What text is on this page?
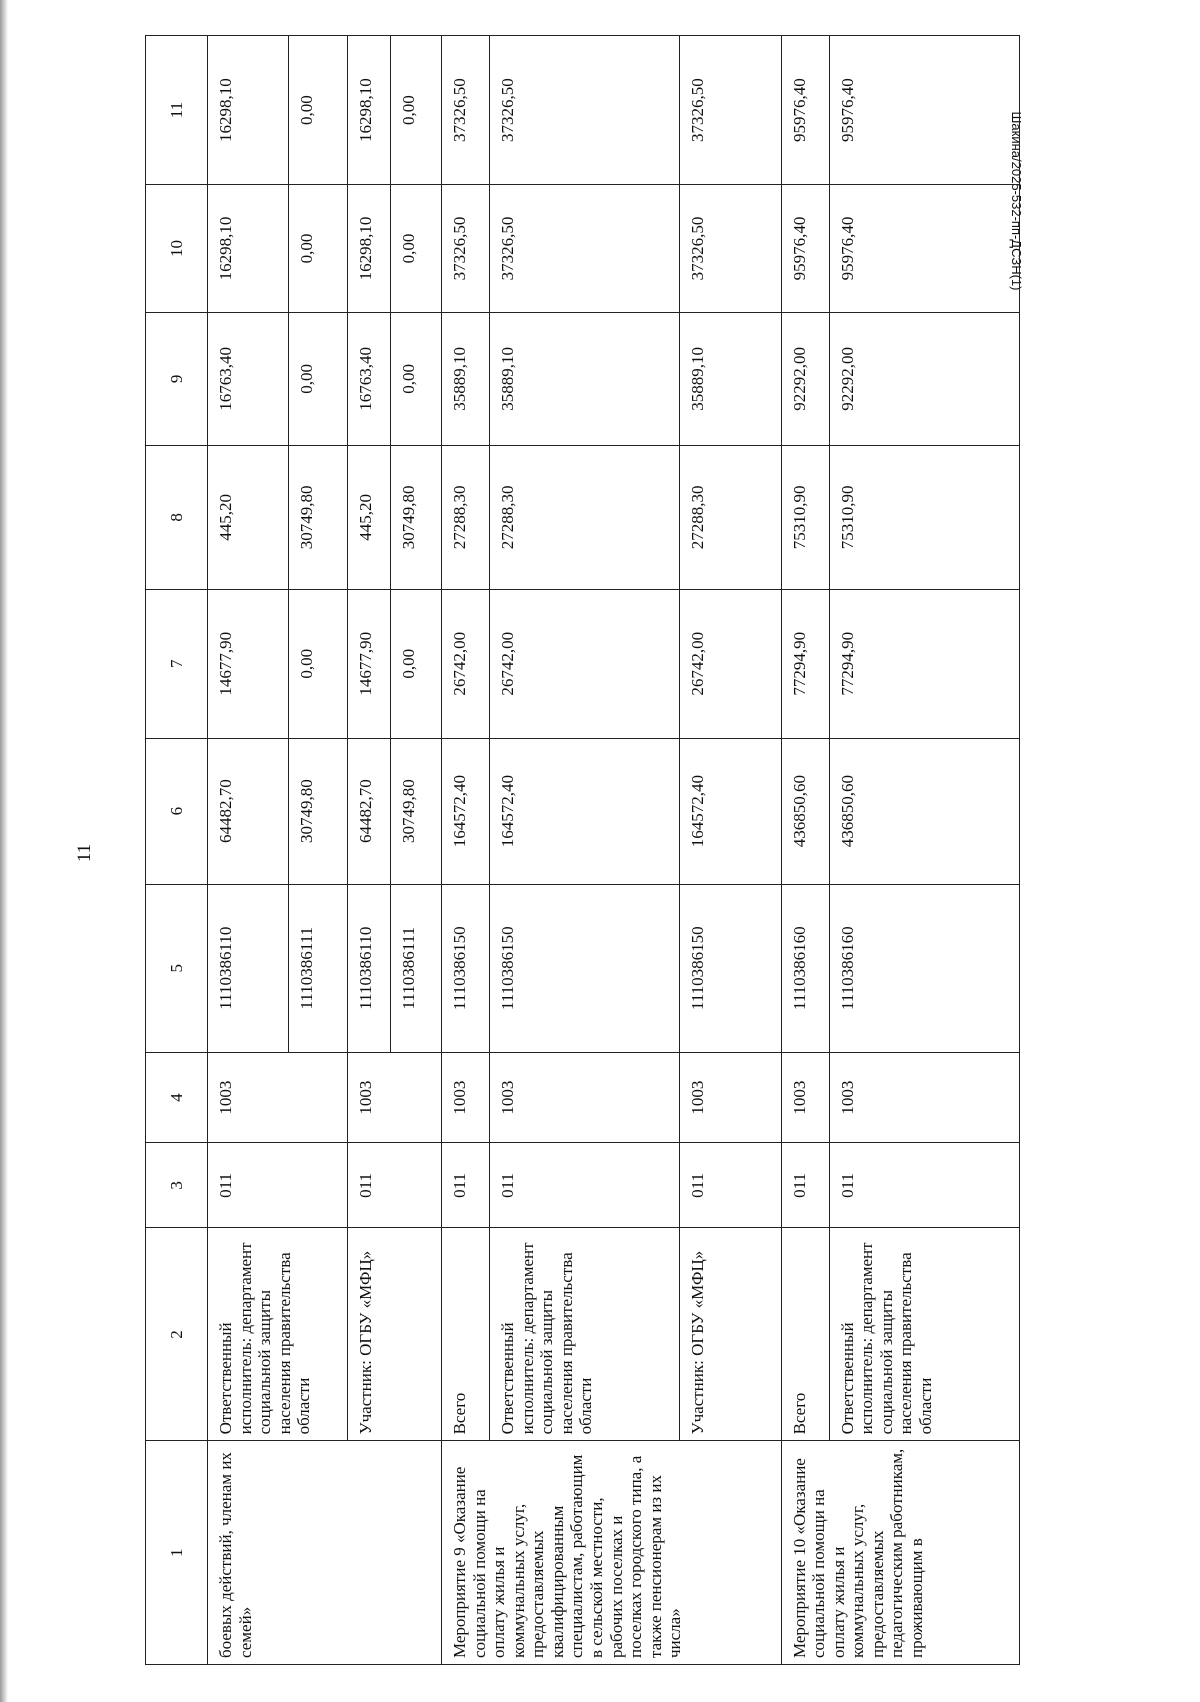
11
Шакина/2025-532-пп-ДСЗН(1)
1	2	3	4	5	6	7	8	9	10	11
боевых действий, членам их семей»	Ответственный исполнитель: департамент социальной защиты населения правительства области	011	1003	1110386110	64482,70	14677,90	445,20	16763,40	16298,10	16298,10
				1110386111	30749,80	0,00	30749,80	0,00	0,00	0,00
	Участник: ОГБУ «МФЦ»	011	1003	1110386110	64482,70	14677,90	445,20	16763,40	16298,10	16298,10
				1110386111	30749,80	0,00	30749,80	0,00	0,00	0,00
Мероприятие 9 «Оказание социальной помощи на оплату жилья и коммунальных услуг, предоставляемых квалифицированным специалистам, работающим в сельской местности, рабочих поселках и поселках городского типа, а также пенсионерам из их числа»	Всего	011	1003	1110386150	164572,40	26742,00	27288,30	35889,10	37326,50	37326,50
	Ответственный исполнитель: департамент социальной защиты населения правительства области	011	1003	1110386150	164572,40	26742,00	27288,30	35889,10	37326,50	37326,50
	Участник: ОГБУ «МФЦ»	011	1003	1110386150	164572,40	26742,00	27288,30	35889,10	37326,50	37326,50
Мероприятие 10 «Оказание социальной помощи на оплату жилья и коммунальных услуг, предоставляемых педагогическим работникам, проживающим в	Всего	011	1003	1110386160	436850,60	77294,90	75310,90	92292,00	95976,40	95976,40
	Ответственный исполнитель: департамент социальной защиты населения правительства области	011	1003	1110386160	436850,60	77294,90	75310,90	92292,00	95976,40	95976,40
